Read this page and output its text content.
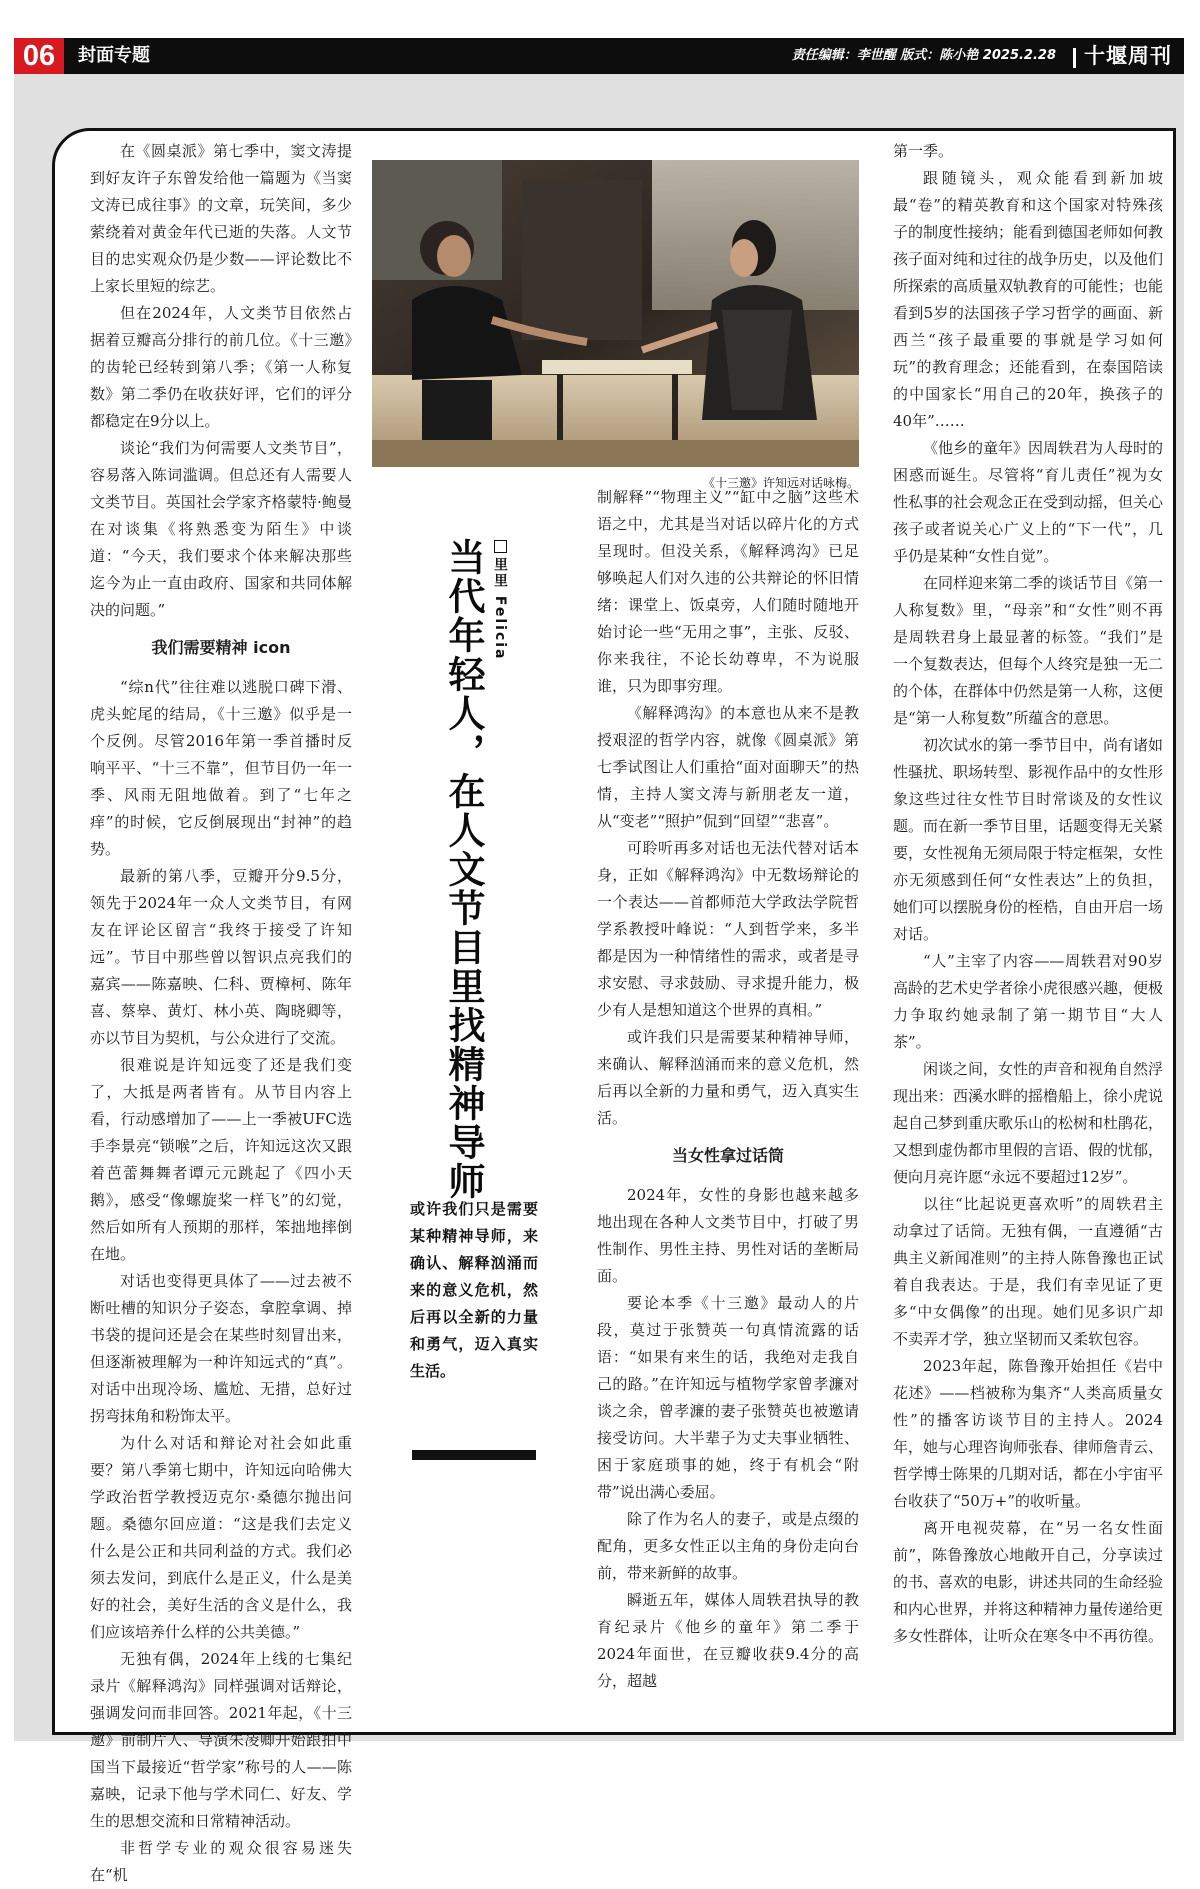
06	封面专题	责任编辑：李世醒 版式：陈小艳 2025.2.28	十堰周刊

在《圆桌派》第七季中，窦文涛提到好友许子东曾发给他一篇题为《当窦文涛已成往事》的文章，玩笑间，多少萦绕着对黄金年代已逝的失落。人文节目的忠实观众仍是少数——评论数比不上家长里短的综艺。

但在2024年，人文类节目依然占据着豆瓣高分排行的前几位。《十三邀》的齿轮已经转到第八季；《第一人称复数》第二季仍在收获好评，它们的评分都稳定在9分以上。

谈论“我们为何需要人文类节目”，容易落入陈词滥调。但总还有人需要人文类节目。英国社会学家齐格蒙特·鲍曼在对谈集《将熟悉变为陌生》中谈道：“今天，我们要求个体来解决那些迄今为止一直由政府、国家和共同体解决的问题。”

我们需要精神 icon

“综n代”往往难以逃脱口碑下滑、虎头蛇尾的结局，《十三邀》似乎是一个反例。尽管2016年第一季首播时反响平平、“十三不靠”，但节目仍一年一季、风雨无阻地做着。到了“七年之痒”的时候，它反倒展现出“封神”的趋势。

最新的第八季，豆瓣开分9.5分，领先于2024年一众人文类节目，有网友在评论区留言“我终于接受了许知远”。节目中那些曾以智识点亮我们的嘉宾——陈嘉映、仁科、贾樟柯、陈年喜、蔡皋、黄灯、林小英、陶晓卿等，亦以节目为契机，与公众进行了交流。

很难说是许知远变了还是我们变了，大抵是两者皆有。从节目内容上看，行动感增加了——上一季被UFC选手李景亮“锁喉”之后，许知远这次又跟着芭蕾舞舞者谭元元跳起了《四小天鹅》，感受“像螺旋桨一样飞”的幻觉，然后如所有人预期的那样，笨拙地摔倒在地。

对话也变得更具体了——过去被不断吐槽的知识分子姿态，拿腔拿调、掉书袋的提问还是会在某些时刻冒出来，但逐渐被理解为一种许知远式的“真”。对话中出现冷场、尴尬、无措，总好过拐弯抹角和粉饰太平。

为什么对话和辩论对社会如此重要？第八季第七期中，许知远向哈佛大学政治哲学教授迈克尔·桑德尔抛出问题。桑德尔回应道：“这是我们去定义什么是公正和共同利益的方式。我们必须去发问，到底什么是正义，什么是美好的社会，美好生活的含义是什么，我们应该培养什么样的公共美德。”

无独有偶，2024年上线的七集纪录片《解释鸿沟》同样强调对话辩论，强调发问而非回答。2021年起，《十三邀》前制片人、导演朱凌卿开始跟拍中国当下最接近“哲学家”称号的人——陈嘉映，记录下他与学术同仁、好友、学生的思想交流和日常精神活动。

非哲学专业的观众很容易迷失在“机

《十三邀》许知远对话咏梅。
当代年轻人，在人文节目里找精神导师 里里 Felicia
或许我们只是需要某种精神导师，来确认、解释汹涌而来的意义危机，然后再以全新的力量和勇气，迈入真实生活。

制解释”“物理主义”“缸中之脑”这些术语之中，尤其是当对话以碎片化的方式呈现时。但没关系，《解释鸿沟》已足够唤起人们对久违的公共辩论的怀旧情绪：课堂上、饭桌旁，人们随时随地开始讨论一些“无用之事”，主张、反驳、你来我往，不论长幼尊卑，不为说服谁，只为即事穷理。

《解释鸿沟》的本意也从来不是教授艰涩的哲学内容，就像《圆桌派》第七季试图让人们重拾“面对面聊天”的热情，主持人窦文涛与新朋老友一道，从“变老”“照护”侃到“回望”“悲喜”。

可聆听再多对话也无法代替对话本身，正如《解释鸿沟》中无数场辩论的一个表达——首都师范大学政法学院哲学系教授叶峰说：“人到哲学来，多半都是因为一种情绪性的需求，或者是寻求安慰、寻求鼓励、寻求提升能力，极少有人是想知道这个世界的真相。”

或许我们只是需要某种精神导师，来确认、解释汹涌而来的意义危机，然后再以全新的力量和勇气，迈入真实生活。

当女性拿过话筒

2024年，女性的身影也越来越多地出现在各种人文类节目中，打破了男性制作、男性主持、男性对话的垄断局面。

要论本季《十三邀》最动人的片段，莫过于张赞英一句真情流露的话语：“如果有来生的话，我绝对走我自己的路。”在许知远与植物学家曾孝濂对谈之余，曾孝濂的妻子张赞英也被邀请接受访问。大半辈子为丈夫事业牺牲、困于家庭琐事的她，终于有机会“附带”说出满心委屈。

除了作为名人的妻子，或是点缀的配角，更多女性正以主角的身份走向台前，带来新鲜的故事。

瞬逝五年，媒体人周轶君执导的教育纪录片《他乡的童年》第二季于2024年面世，在豆瓣收获9.4分的高分，超越

第一季。

跟随镜头，观众能看到新加坡最“卷”的精英教育和这个国家对特殊孩子的制度性接纳；能看到德国老师如何教孩子面对纯和过往的战争历史，以及他们所探索的高质量双轨教育的可能性；也能看到5岁的法国孩子学习哲学的画面、新西兰“孩子最重要的事就是学习如何玩”的教育理念；还能看到，在泰国陪读的中国家长“用自己的20年，换孩子的40年”……

《他乡的童年》因周轶君为人母时的困惑而诞生。尽管将“育儿责任”视为女性私事的社会观念正在受到动摇，但关心孩子或者说关心广义上的“下一代”，几乎仍是某种“女性自觉”。

在同样迎来第二季的谈话节目《第一人称复数》里，“母亲”和“女性”则不再是周轶君身上最显著的标签。“我们”是一个复数表达，但每个人终究是独一无二的个体，在群体中仍然是第一人称，这便是“第一人称复数”所蕴含的意思。

初次试水的第一季节目中，尚有诸如性骚扰、职场转型、影视作品中的女性形象这些过往女性节目时常谈及的女性议题。而在新一季节目里，话题变得无关紧要，女性视角无须局限于特定框架，女性亦无须感到任何“女性表达”上的负担，她们可以摆脱身份的桎梏，自由开启一场对话。

“人”主宰了内容——周轶君对90岁高龄的艺术史学者徐小虎很感兴趣，便极力争取约她录制了第一期节目“大人茶”。

闲谈之间，女性的声音和视角自然浮现出来：西溪水畔的摇橹船上，徐小虎说起自己梦到重庆歌乐山的松树和杜鹃花，又想到虚伪都市里假的言语、假的忧郁，便向月亮许愿“永远不要超过12岁”。

以往“比起说更喜欢听”的周轶君主动拿过了话筒。无独有偶，一直遵循“古典主义新闻准则”的主持人陈鲁豫也正试着自我表达。于是，我们有幸见证了更多“中女偶像”的出现。她们见多识广却不卖弄才学，独立坚韧而又柔软包容。

2023年起，陈鲁豫开始担任《岩中花述》——档被称为集齐“人类高质量女性”的播客访谈节目的主持人。2024年，她与心理咨询师张春、律师詹青云、哲学博士陈果的几期对话，都在小宇宙平台收获了“50万+”的收听量。

离开电视荧幕，在“另一名女性面前”，陈鲁豫放心地敞开自己，分享读过的书、喜欢的电影，讲述共同的生命经验和内心世界，并将这种精神力量传递给更多女性群体，让听众在寒冬中不再彷徨。
